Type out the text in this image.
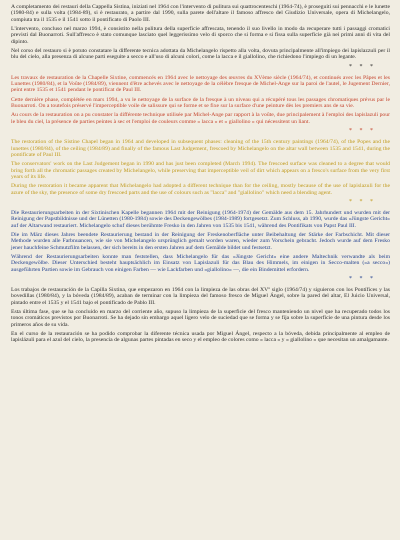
A completamento dei restauri della Cappella Sistina, iniziati nel 1964 con l'intervento di pulitura sui quattrocenteschi (1964-74), è proseguiti sui pennacchi e le lunette (1980-84) e sulla volta (1984-89), si è restaurato, a partire dal 1990, sulla parete dell'altare il famoso affresco del Giudizio Universale, opera di Michelangelo, compiuta tra il 1535 e il 1541 sotto il pontificato di Paolo III.

L'intervento, concluso nel marzo 1994, è consistito nella pulitura della superficie affrescata, tenendo il suo livello in modo da recuperare tutti i passaggi cromatici previsti dal Buonarroti. Sull'affresco è stato comunque lasciato quel leggerissimo velo di sporco che si forma e si fissa sulla superficie già nei primi anni di vita del dipinto.

Nel corso del restauro si è potuto constatare la differente tecnica adottata da Michelangelo rispetto alla volta, dovuta principalmente all'impiego dei lapislazzuli per il blu del cielo, alla presenza di alcune parti eseguite a secco e all'uso di alcuni colori, come la lacca e il giallolino, che richiedono l'impiego di un legante.

* * *

Les travaux de restauration de la Chapelle Sixtine, commencés en 1964 avec le nettoyage des œuvres du XVème siècle (1964/74), et continués avec les Pâpes et les Lunettes (1980/84), et la Voûte (1984/89), viennent d'être achevés avec le nettoyage de la célèbre fresque de Michel-Ange sur la paroi de l'autel, le Jugement Dernier, peint entre 1535 et 1541 pendant le pontificat de Paul III.

Cette dernière phase, complétée en mars 1994, a vu le nettoyage de la surface de la fresque à un niveau qui a récupéré tous les passages chromatiques prévus par le Buonarroti. On a toutefois préservé l'imperceptible voile de salissure qui se forme et se fixe sur la surface d'une peinture dès les premiers ans de sa vie.

Au cours de la restauration on a pu constater la différente technique utilisée par Michel-Ange par rapport à la voûte, due principalement à l'emploi des lapislazuli pour le bleu du ciel, la présence de parties peintes à sec et l'emploi de couleurs comme « lacca » et « giallolino » qui nécessitent un liant.

* * *

The restoration of the Sistine Chapel began in 1964 and developed in subsequent phases: cleaning of the 15th century paintings (1964/74), of the Popes and the lunettes (1980/84), of the ceiling (1984/89) and finally of the famous Last Judgement, frescoed by Michelangelo on the altar wall between 1535 and 1541, during the pontificate of Paul III.

The conservators' work on the Last Judgement began in 1990 and has just been completed (March 1994). The frescoed surface was cleaned to a degree that would bring forth all the chromatic passages created by Michelangelo, while preserving that imperceptible veil of dirt which appears on a fresco's surface from the very first years of its life.

During the restoration it became apparent that Michelangelo had adopted a different technique than for the ceiling, mostly because of the use of lapislazuli for the azure of the sky, the presence of some dry frescoed parts and the use of colours such as "lacca" and "giallolino" which need a blending agent.

* * *

Die Restaurierungsarbeiten in der Sixtinischen Kapelle begannen 1964 mit der Reinigung (1964-1974) der Gemälde aus dem 15. Jahrhundert und wurden mit der Reinigung der Papstbildnisse und der Lünetten (1980-1984) sowie des Deckengewölbes (1984-1989) fortgesetzt. Zum Schluss, ab 1990, wurde das «Jüngste Gericht» auf der Altarwand restauriert. Michelangelo schuf dieses berühmte Fresko in den Jahren von 1535 bis 1541, während des Pontifikats von Papst Paul III.

Die im März dieses Jahres beendete Restaurierung bestand in der Reinigung der Freskenoberfläche unter Beibehaltung der Stärke der Farbschicht. Mit dieser Methode wurden alle Farbnuancen, wie sie von Michelangelo ursprünglich gemalt worden waren, wieder zum Vorschein gebracht. Jedoch wurde auf dem Fresko jener hauchfeine Schmutzfilm belassen, der sich bereits in den ersten Jahren auf dem Gemälde bildet und festsetzt.

Während der Restaurierungsarbeiten konnte man feststellen, dass Michelangelo für das «Jüngste Gericht» eine andere Maltechnik verwandte als beim Deckengewölbe. Dieser Unterschied besteht hauptsächlich im Einsatz von Lapislazuli für das Blau des Himmels, im einigen in Secco-malten (»a secco«) ausgeführten Partien sowie im Gebrauch von einigen Farben — wie Lackfarben und «giallolino» —, die ein Bindemittel erfordern.

* * *

Los trabajos de restauración de la Capilla Sixtina, que empezaron en 1964 con la limpieza de las obras del XVº siglo (1964/74) y siguieron con los Pontífices y las bovedillas (1980/84), y la bóveda (1984/89), acaban de terminar con la limpieza del famoso fresco de Miguel Ángel, sobre la pared del altar, El Juicio Universal, pintado entre el 1535 y el 1541 bajo el pontificado de Pablo III.

Esta última fase, que se ha concluido en marzo del corriente año, supuso la limpieza de la superficie del fresco manteniendo un nivel que ha recuperado todos los tonos cromáticos previstos por Buonarroti. Se ha dejado sin embargo aquel ligero velo de suciedad que se forma y se fija sobre la superficie de una pintura desde los primeros años de su vida.

En el curso de la restauración se ha podido comprobar la diferente técnica usada por Miguel Ángel, respecto a la bóveda, debida principalmente al empleo de lapislázuli para el azul del cielo, la presencia de algunas partes pintadas en seco y el empleo de colores como « lacca » y « giallolino » que necesitan un amalgamante.
